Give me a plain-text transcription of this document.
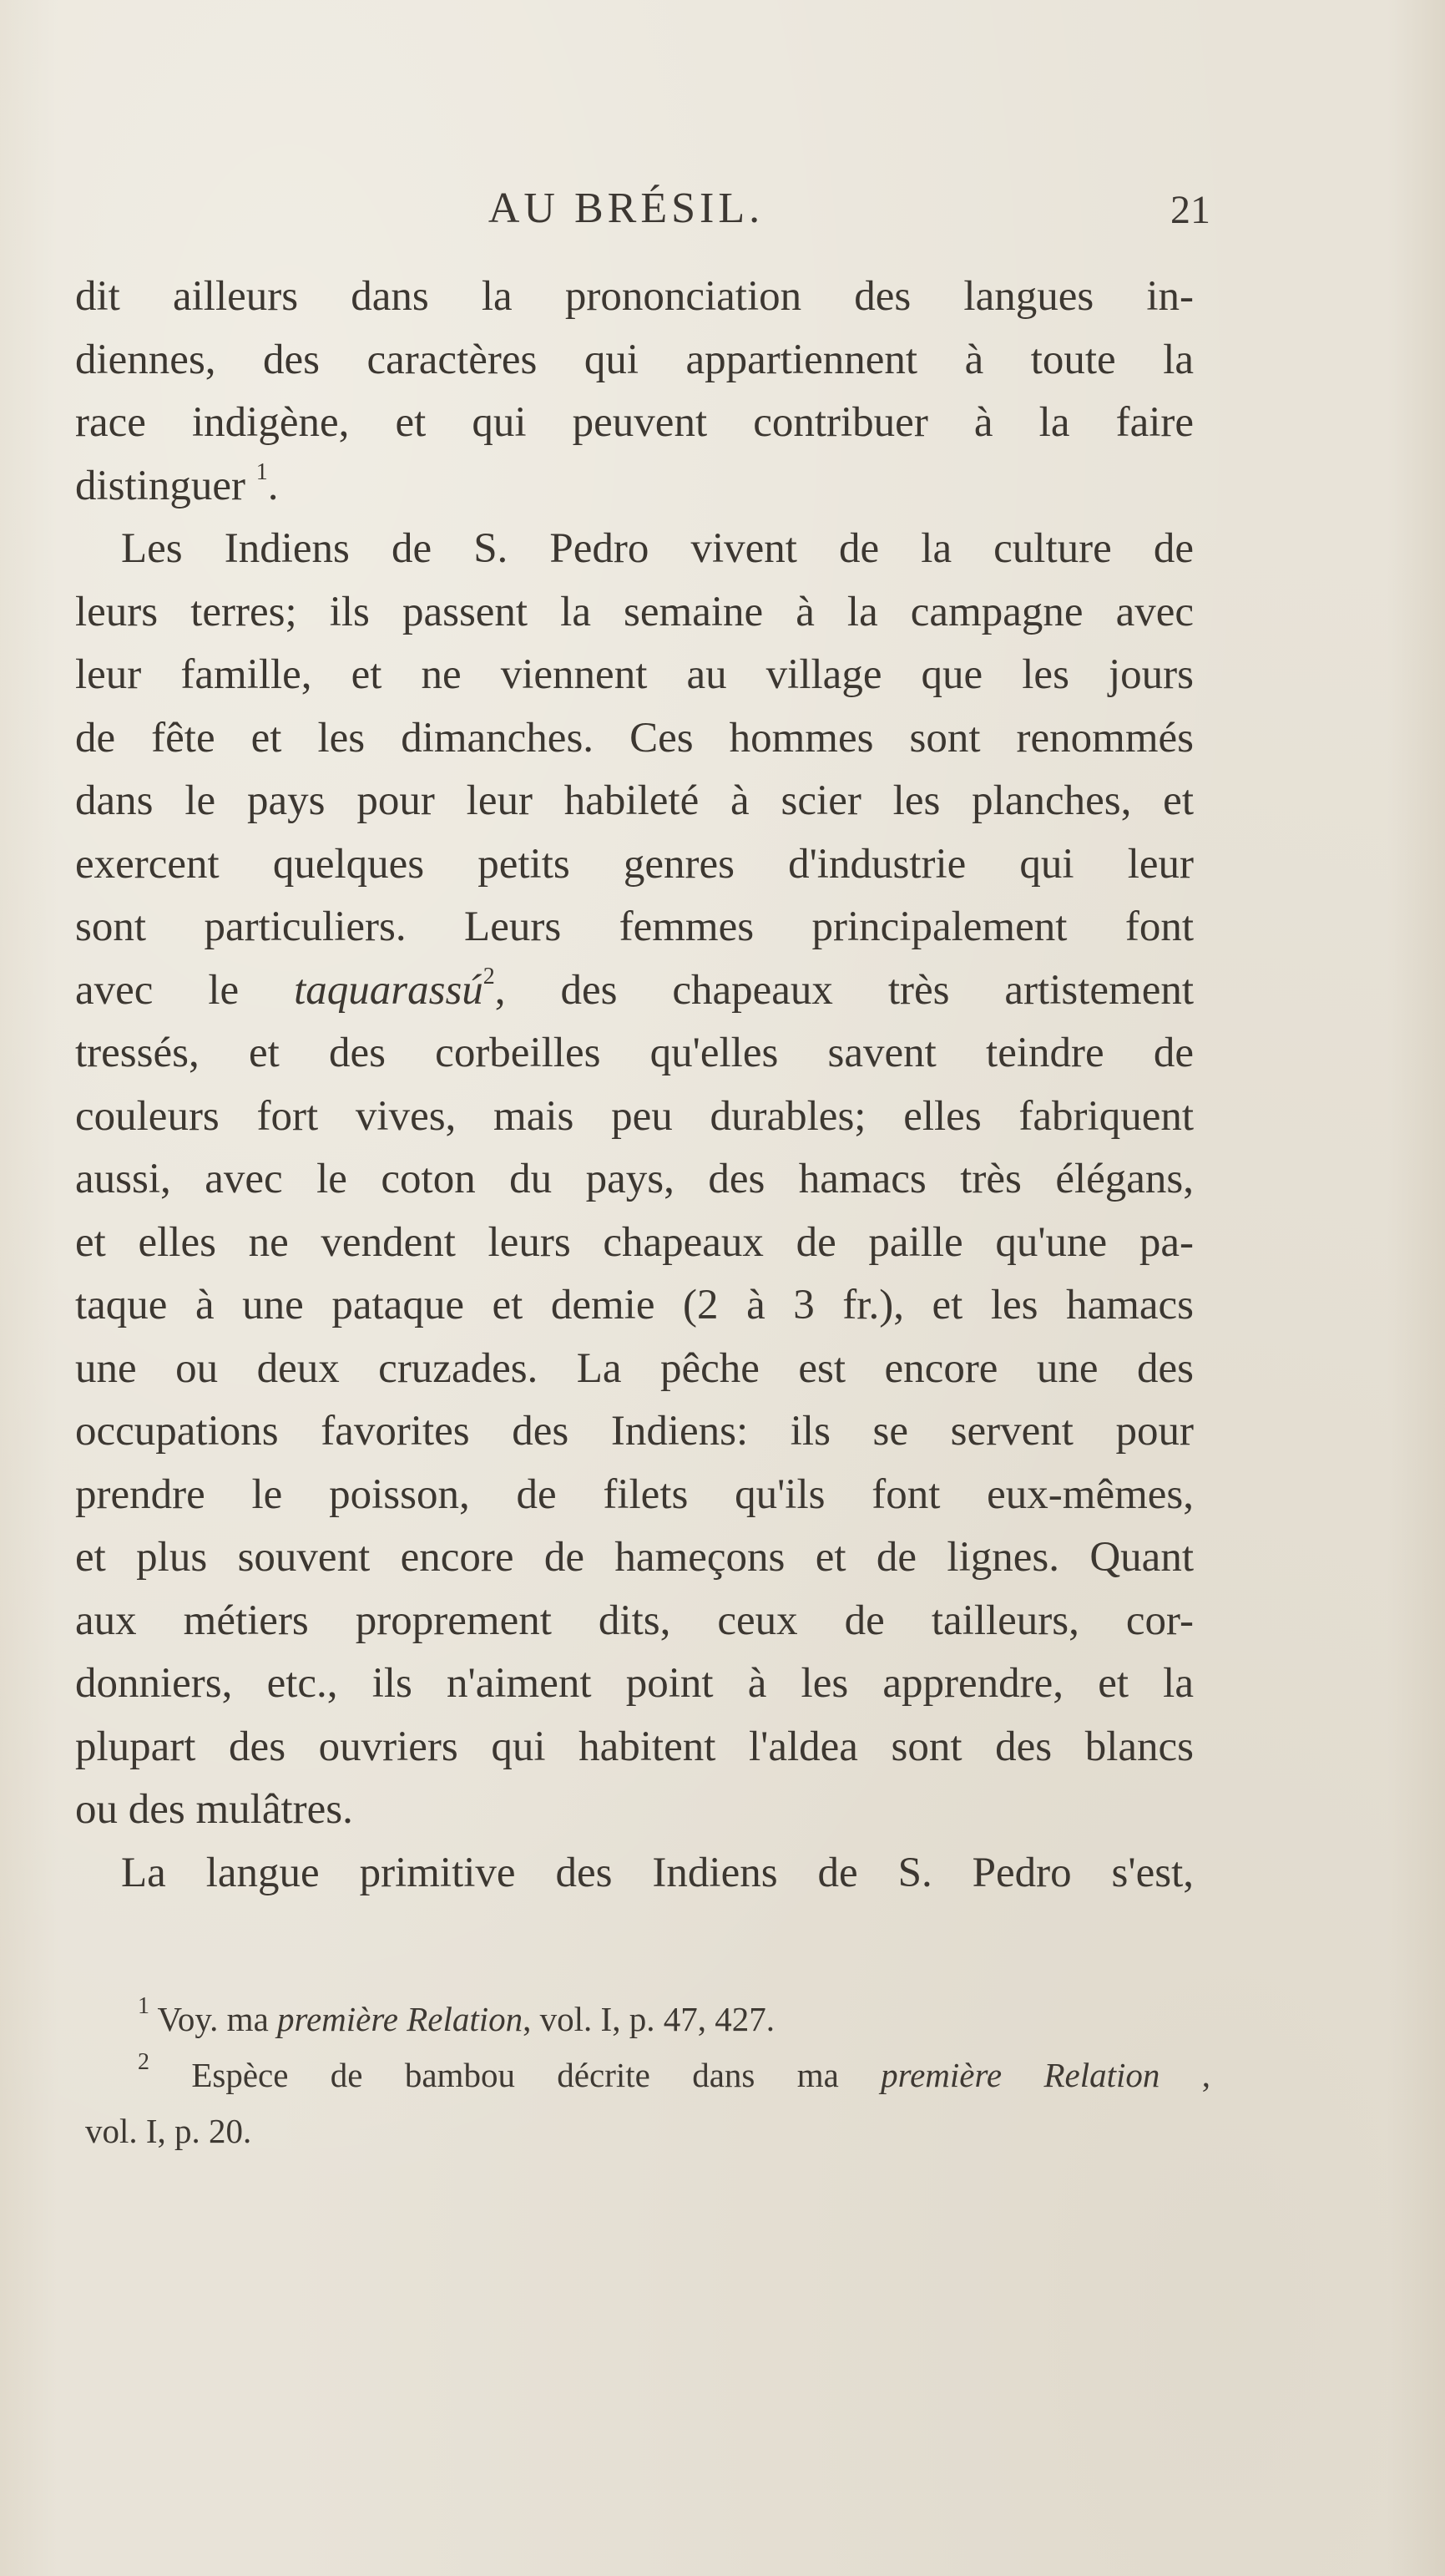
AU BRÉSIL.	21
dit ailleurs dans la prononciation des langues in-
diennes, des caractères qui appartiennent à toute la
race indigène, et qui peuvent contribuer à la faire
distinguer $^1$.
Les Indiens de S. Pedro vivent de la culture de
leurs terres; ils passent la semaine à la campagne avec
leur famille, et ne viennent au village que les jours
de fête et les dimanches. Ces hommes sont renommés
dans le pays pour leur habileté à scier les planches, et
exercent quelques petits genres d'industrie qui leur
sont particuliers. Leurs femmes principalement font
avec le taquarassú$^2$, des chapeaux très artistement
tressés, et des corbeilles qu'elles savent teindre de
couleurs fort vives, mais peu durables; elles fabriquent
aussi, avec le coton du pays, des hamacs très élégans,
et elles ne vendent leurs chapeaux de paille qu'une pa-
taque à une pataque et demie (2 à 3 fr.), et les hamacs
une ou deux cruzades. La pêche est encore une des
occupations favorites des Indiens: ils se servent pour
prendre le poisson, de filets qu'ils font eux-mêmes,
et plus souvent encore de hameçons et de lignes. Quant
aux métiers proprement dits, ceux de tailleurs, cor-
donniers, etc., ils n'aiment point à les apprendre, et la
plupart des ouvriers qui habitent l'aldea sont des blancs
ou des mulâtres.
La langue primitive des Indiens de S. Pedro s'est,
$^1$ Voy. ma première Relation, vol. I, p. 47, 427.
$^2$ Espèce de bambou décrite dans ma première Relation ,
vol. I, p. 20.
